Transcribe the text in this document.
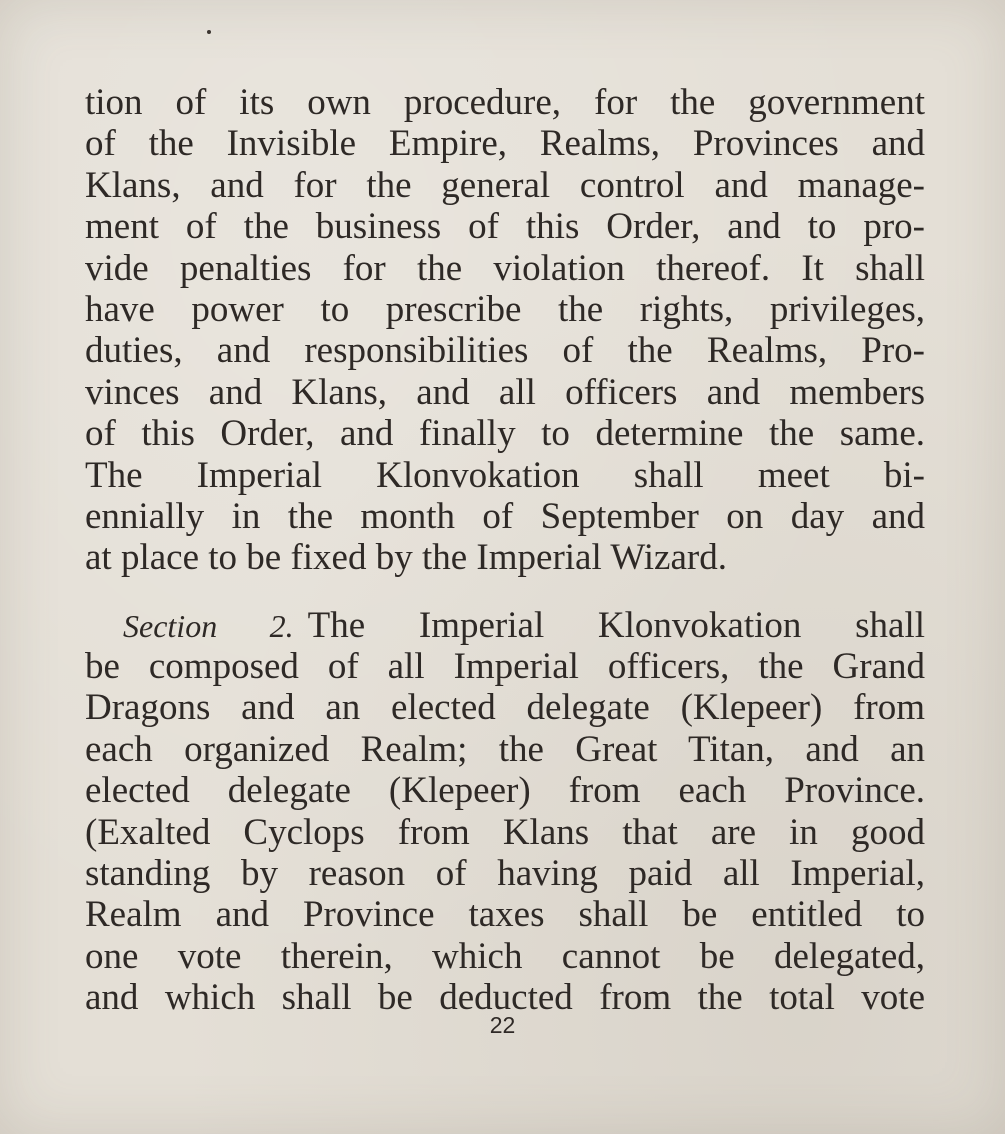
tion of its own procedure, for the government
of the Invisible Empire, Realms, Provinces and
Klans, and for the general control and manage-
ment of the business of this Order, and to pro-
vide penalties for the violation thereof. It shall
have power to prescribe the rights, privileges,
duties, and responsibilities of the Realms, Pro-
vinces and Klans, and all officers and members
of this Order, and finally to determine the same.
The Imperial Klonvokation shall meet bi-
ennially in the month of September on day and
at place to be fixed by the Imperial Wizard.
Section 2. The Imperial Klonvokation shall
be composed of all Imperial officers, the Grand
Dragons and an elected delegate (Klepeer) from
each organized Realm; the Great Titan, and an
elected delegate (Klepeer) from each Province.
(Exalted Cyclops from Klans that are in good
standing by reason of having paid all Imperial,
Realm and Province taxes shall be entitled to
one vote therein, which cannot be delegated,
and which shall be deducted from the total vote
22
